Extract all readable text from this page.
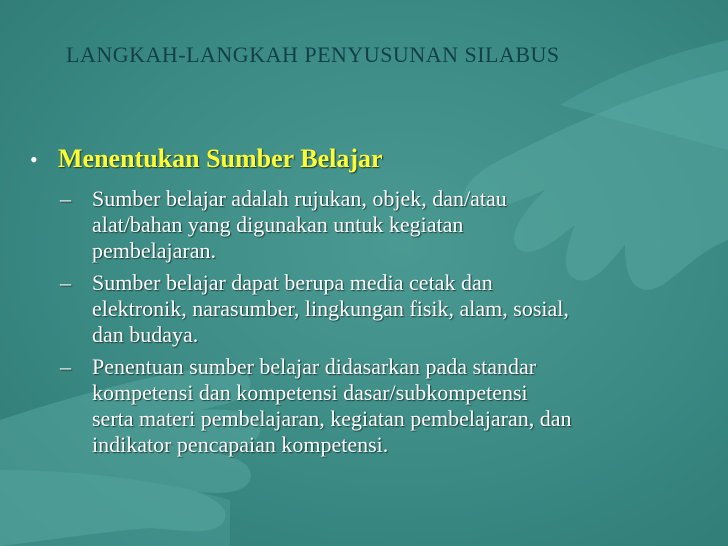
LANGKAH-LANGKAH PENYUSUNAN SILABUS
• Menentukan Sumber Belajar
– Sumber belajar adalah rujukan, objek, dan/atau
alat/bahan yang digunakan untuk kegiatan
pembelajaran.
– Sumber belajar dapat berupa media cetak dan
elektronik, narasumber, lingkungan fisik, alam, sosial,
dan budaya.
– Penentuan sumber belajar didasarkan pada standar
kompetensi dan kompetensi dasar/subkompetensi
serta materi pembelajaran, kegiatan pembelajaran, dan
indikator pencapaian kompetensi.
